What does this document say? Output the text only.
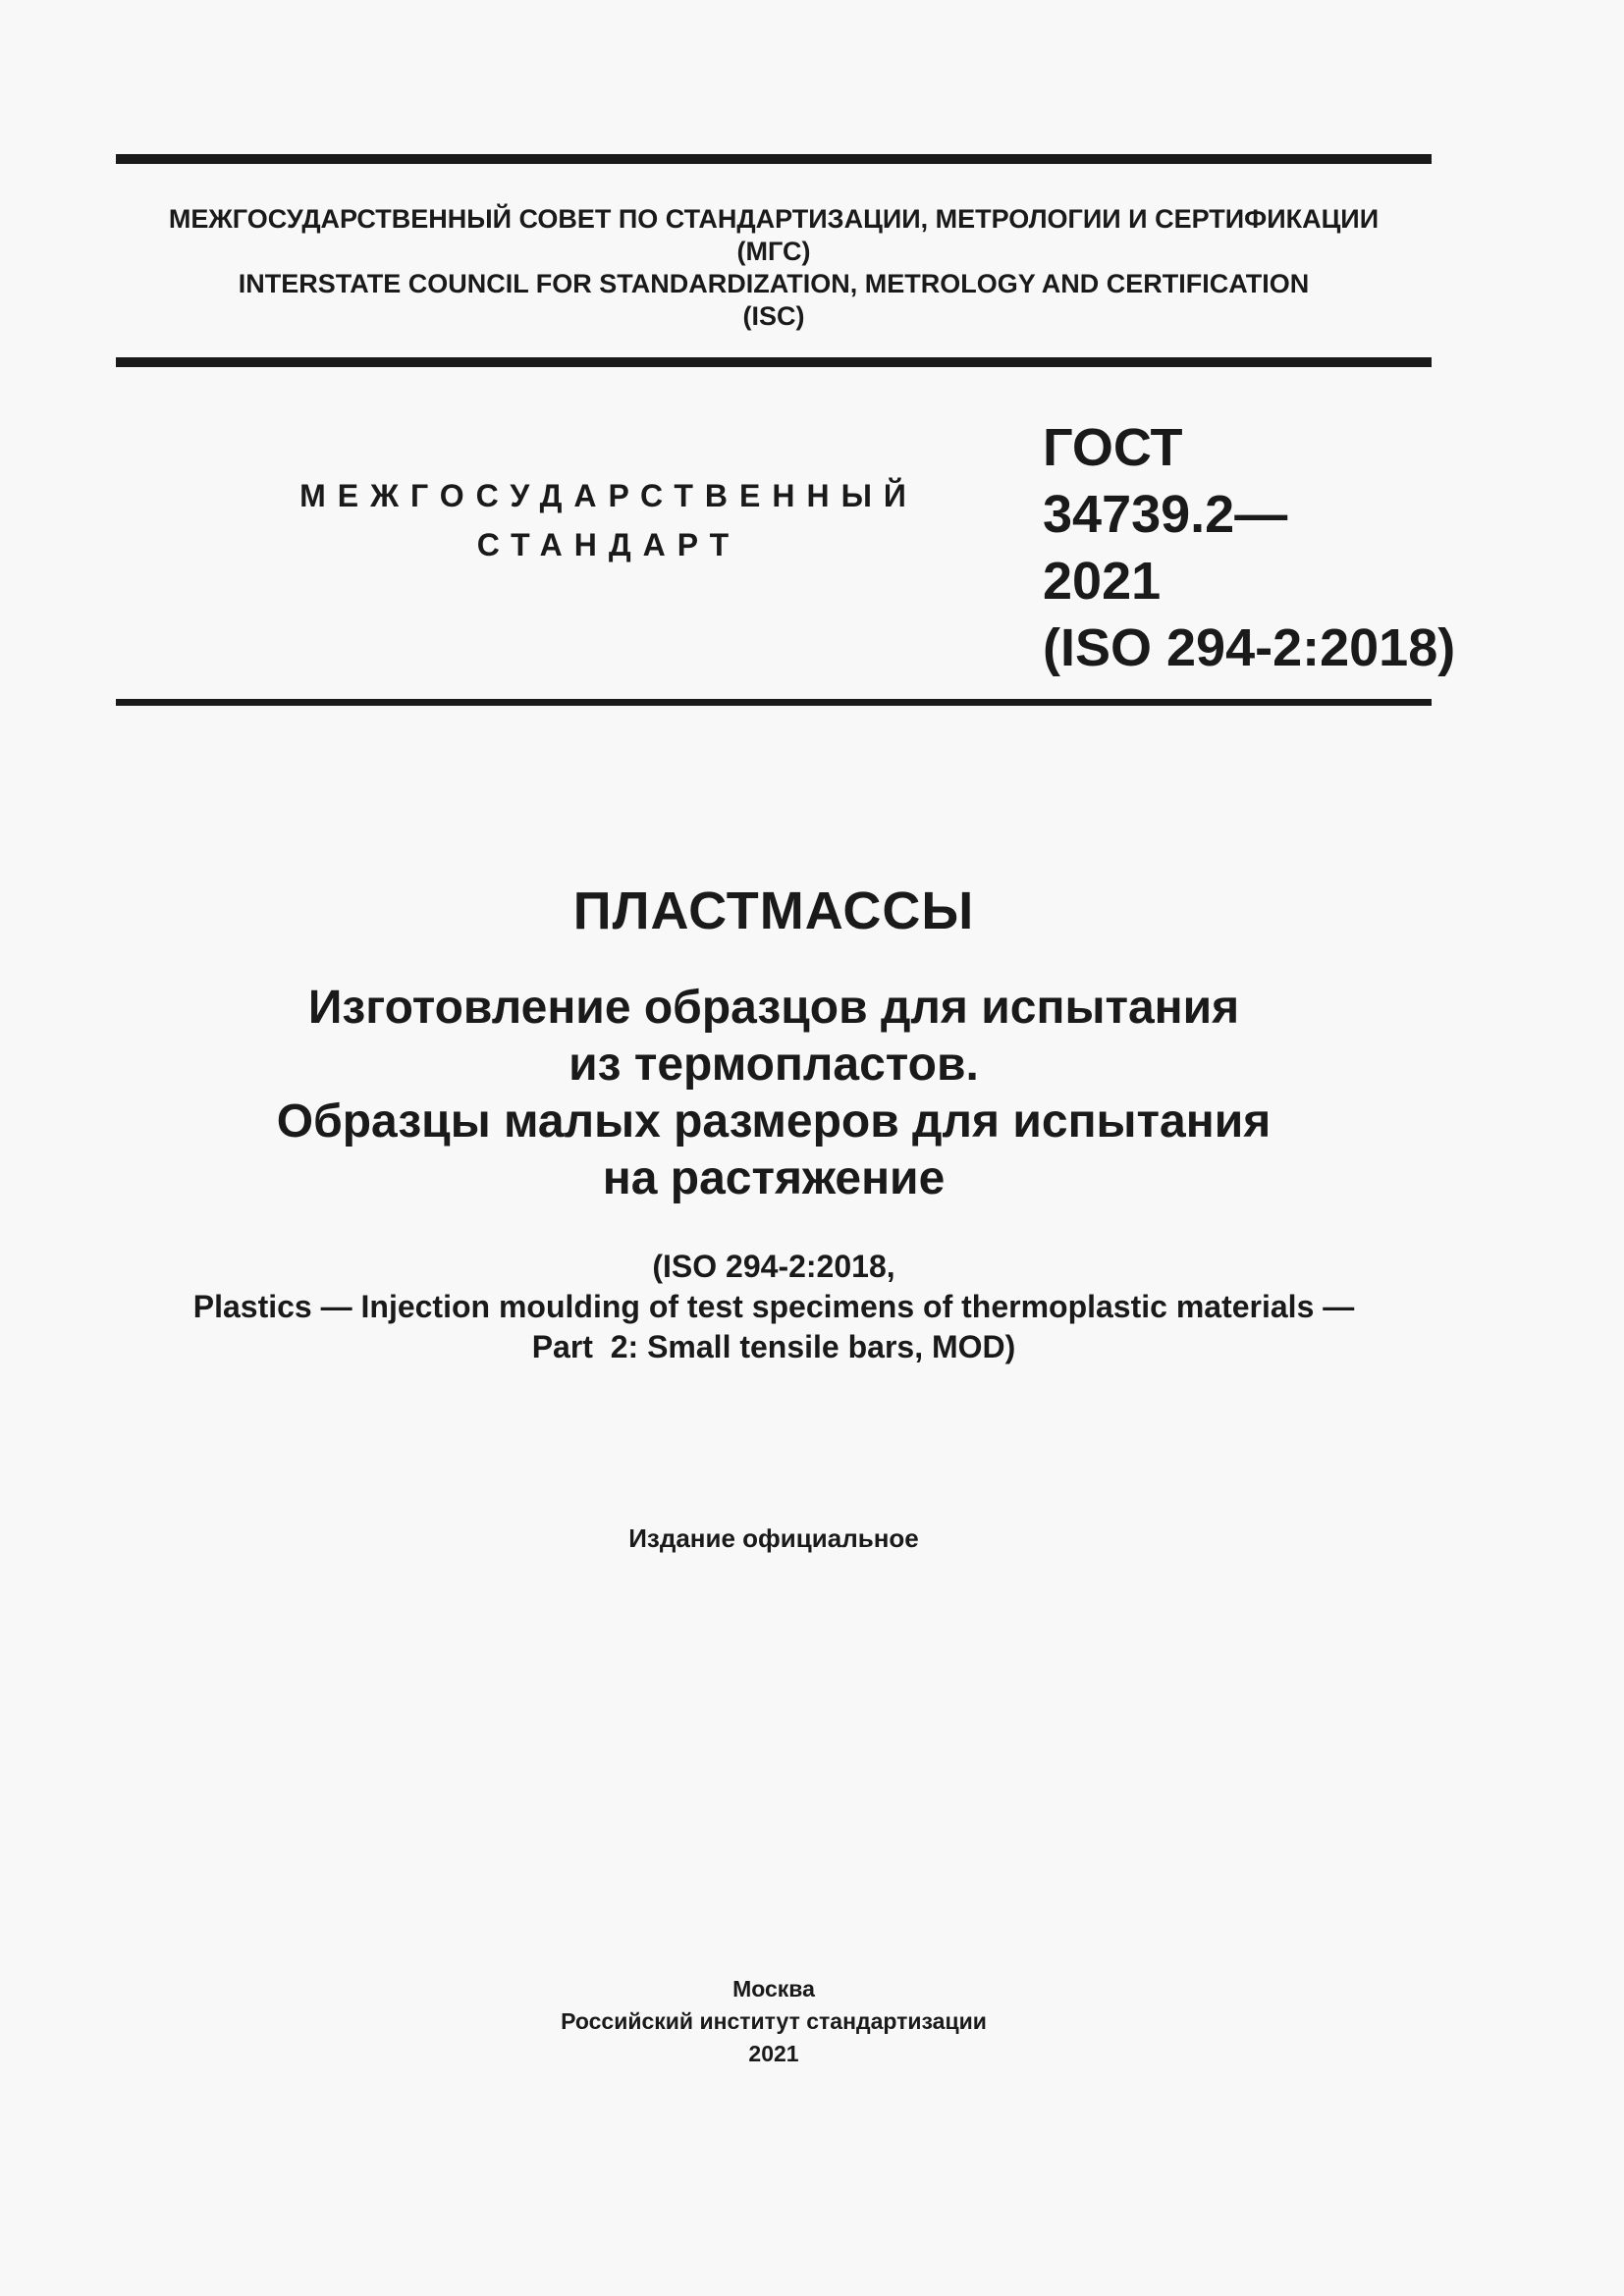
МЕЖГОСУДАРСТВЕННЫЙ СОВЕТ ПО СТАНДАРТИЗАЦИИ, МЕТРОЛОГИИ И СЕРТИФИКАЦИИ
(МГС)
INTERSTATE COUNCIL FOR STANDARDIZATION, METROLOGY AND CERTIFICATION
(ISC)
МЕЖГОСУДАРСТВЕННЫЙ
СТАНДАРТ
ГОСТ
34739.2—
2021
(ISO 294-2:2018)
ПЛАСТМАССЫ
Изготовление образцов для испытания
из термопластов.
Образцы малых размеров для испытания
на растяжение
(ISO 294-2:2018,
Plastics — Injection moulding of test specimens of thermoplastic materials —
Part  2: Small tensile bars, MOD)
Издание официальное
Москва
Российский институт стандартизации
2021
